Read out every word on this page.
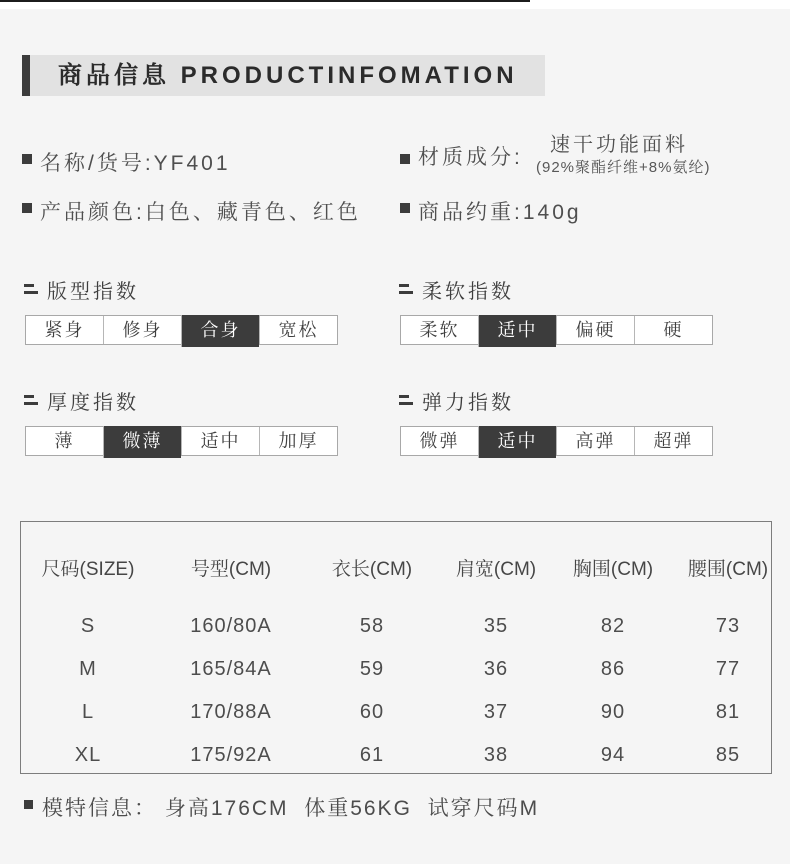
商品信息 PRODUCTINFOMATION
名称/货号:YF401
产品颜色:白色、藏青色、红色
材质成分:
速干功能面料
(92%聚酯纤维+8%氨纶)
商品约重:140g
版型指数
紧身	修身	合身	宽松
柔软指数
柔软	适中	偏硬	硬
厚度指数
薄	微薄	适中	加厚
弹力指数
微弹	适中	高弹	超弹
尺码(SIZE)	号型(CM)	衣长(CM)	肩宽(CM)	胸围(CM)	腰围(CM)
S	160/80A	58	35	82	73
M	165/84A	59	36	86	77
L	170/88A	60	37	90	81
XL	175/92A	61	38	94	85
模特信息： 身高176CM  体重56KG  试穿尺码M
